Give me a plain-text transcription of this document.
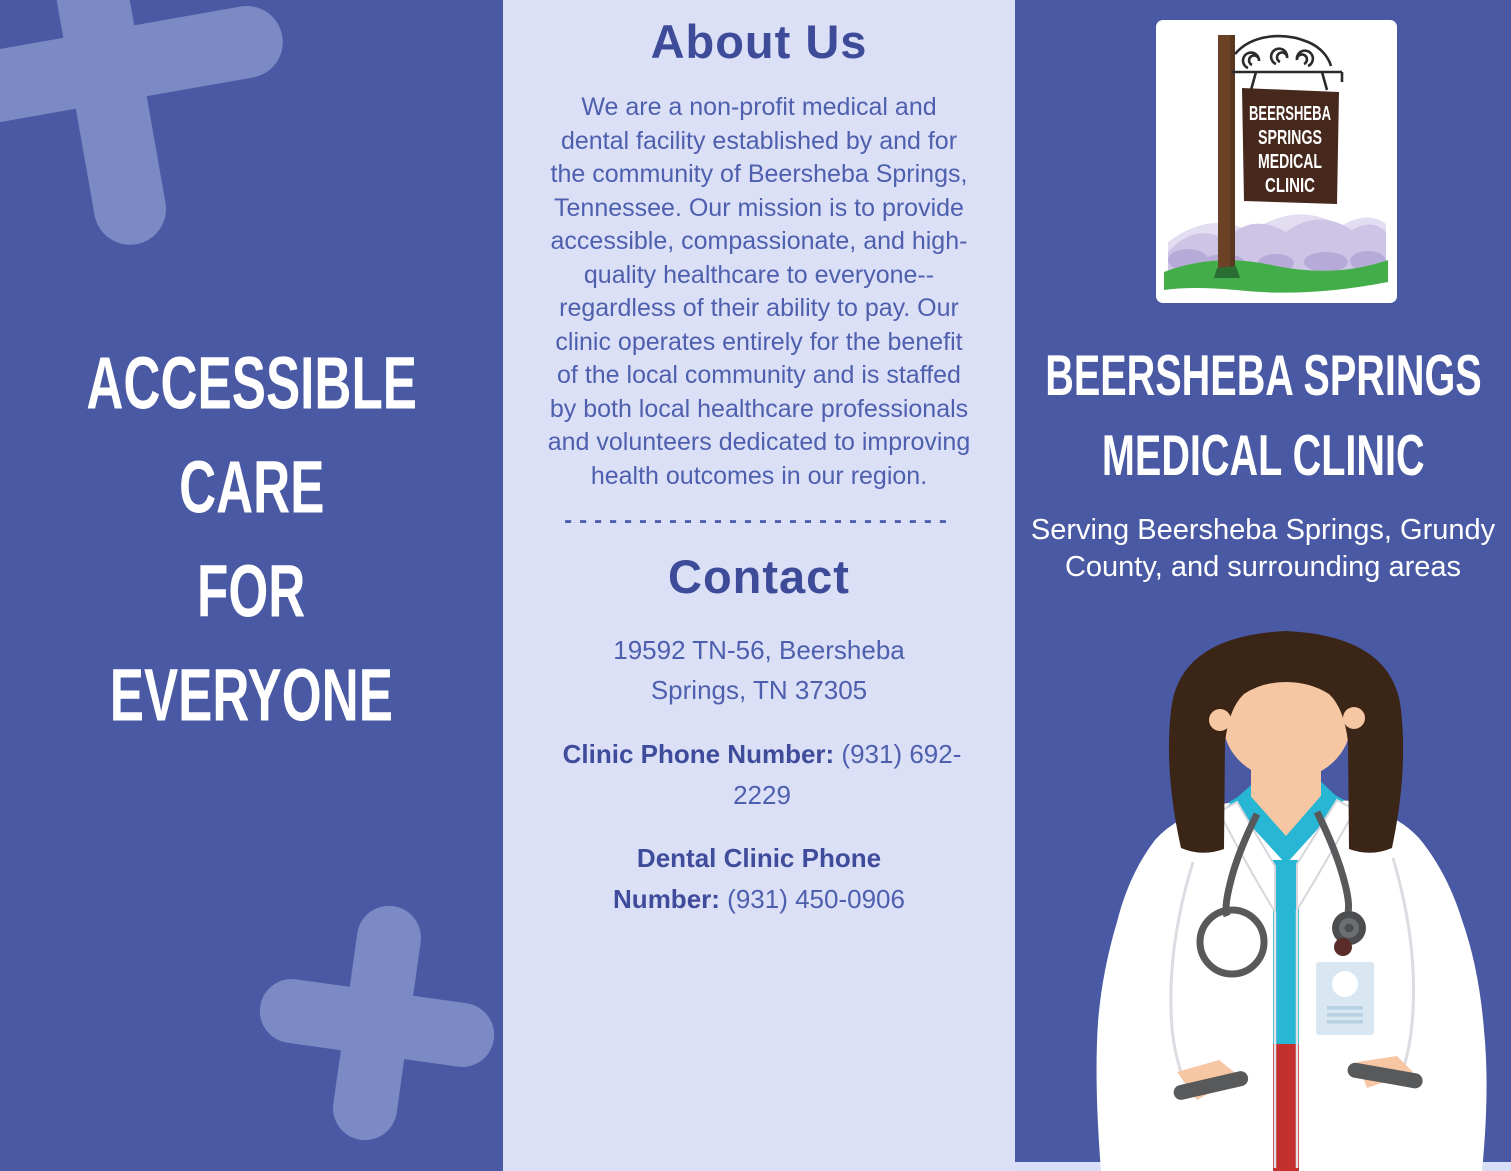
ACCESSIBLE
CARE
FOR
EVERYONE
About Us
We are a non-profit medical and dental facility established by and for the community of Beersheba Springs, Tennessee. Our mission is to provide accessible, compassionate, and high-quality healthcare to everyone--regardless of their ability to pay. Our clinic operates entirely for the benefit of the local community and is staffed by both local healthcare professionals and volunteers dedicated to improving health outcomes in our region.
--------------------------
Contact
19592 TN-56, Beersheba
Springs, TN 37305
Clinic Phone Number: (931) 692-2229
Dental Clinic Phone Number: (931) 450-0906
BEERSHEBA
SPRINGS
MEDICAL
CLINIC
BEERSHEBA SPRINGS
MEDICAL CLINIC
Serving Beersheba Springs, Grundy
County, and surrounding areas
